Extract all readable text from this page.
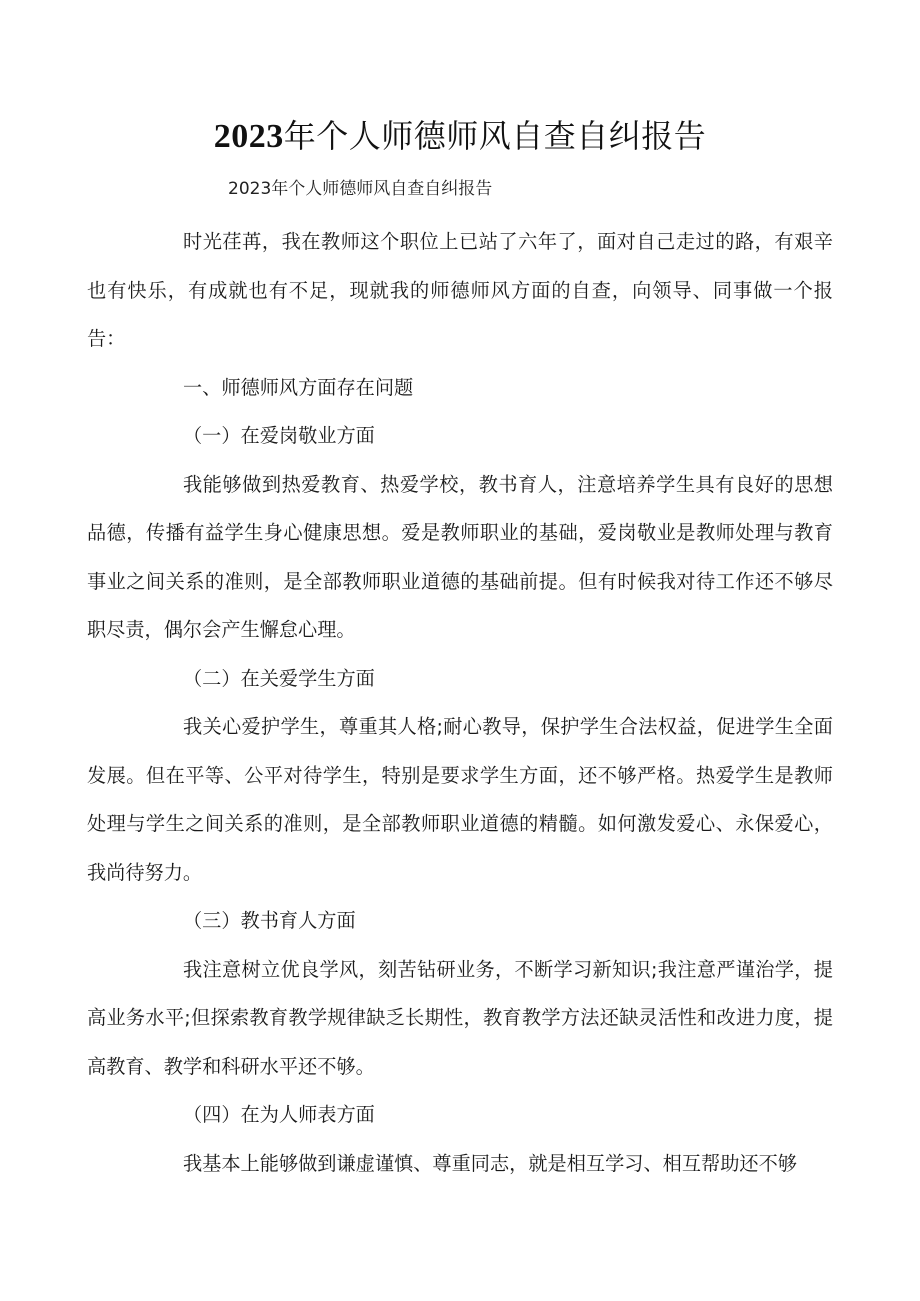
2023年个人师德师风自查自纠报告

2023年个人师德师风自查自纠报告

时光荏苒，我在教师这个职位上已站了六年了，面对自己走过的路，有艰辛也有快乐，有成就也有不足，现就我的师德师风方面的自查，向领导、同事做一个报告：

一、师德师风方面存在问题

（一）在爱岗敬业方面

我能够做到热爱教育、热爱学校，教书育人，注意培养学生具有良好的思想品德，传播有益学生身心健康思想。爱是教师职业的基础，爱岗敬业是教师处理与教育事业之间关系的准则，是全部教师职业道德的基础前提。但有时候我对待工作还不够尽职尽责，偶尔会产生懈怠心理。

（二）在关爱学生方面

我关心爱护学生，尊重其人格;耐心教导，保护学生合法权益，促进学生全面发展。但在平等、公平对待学生，特别是要求学生方面，还不够严格。热爱学生是教师处理与学生之间关系的准则，是全部教师职业道德的精髓。如何激发爱心、永保爱心，我尚待努力。

（三）教书育人方面

我注意树立优良学风，刻苦钻研业务，不断学习新知识;我注意严谨治学，提高业务水平;但探索教育教学规律缺乏长期性，教育教学方法还缺灵活性和改进力度，提高教育、教学和科研水平还不够。

（四）在为人师表方面

我基本上能够做到谦虚谨慎、尊重同志，就是相互学习、相互帮助还不够
